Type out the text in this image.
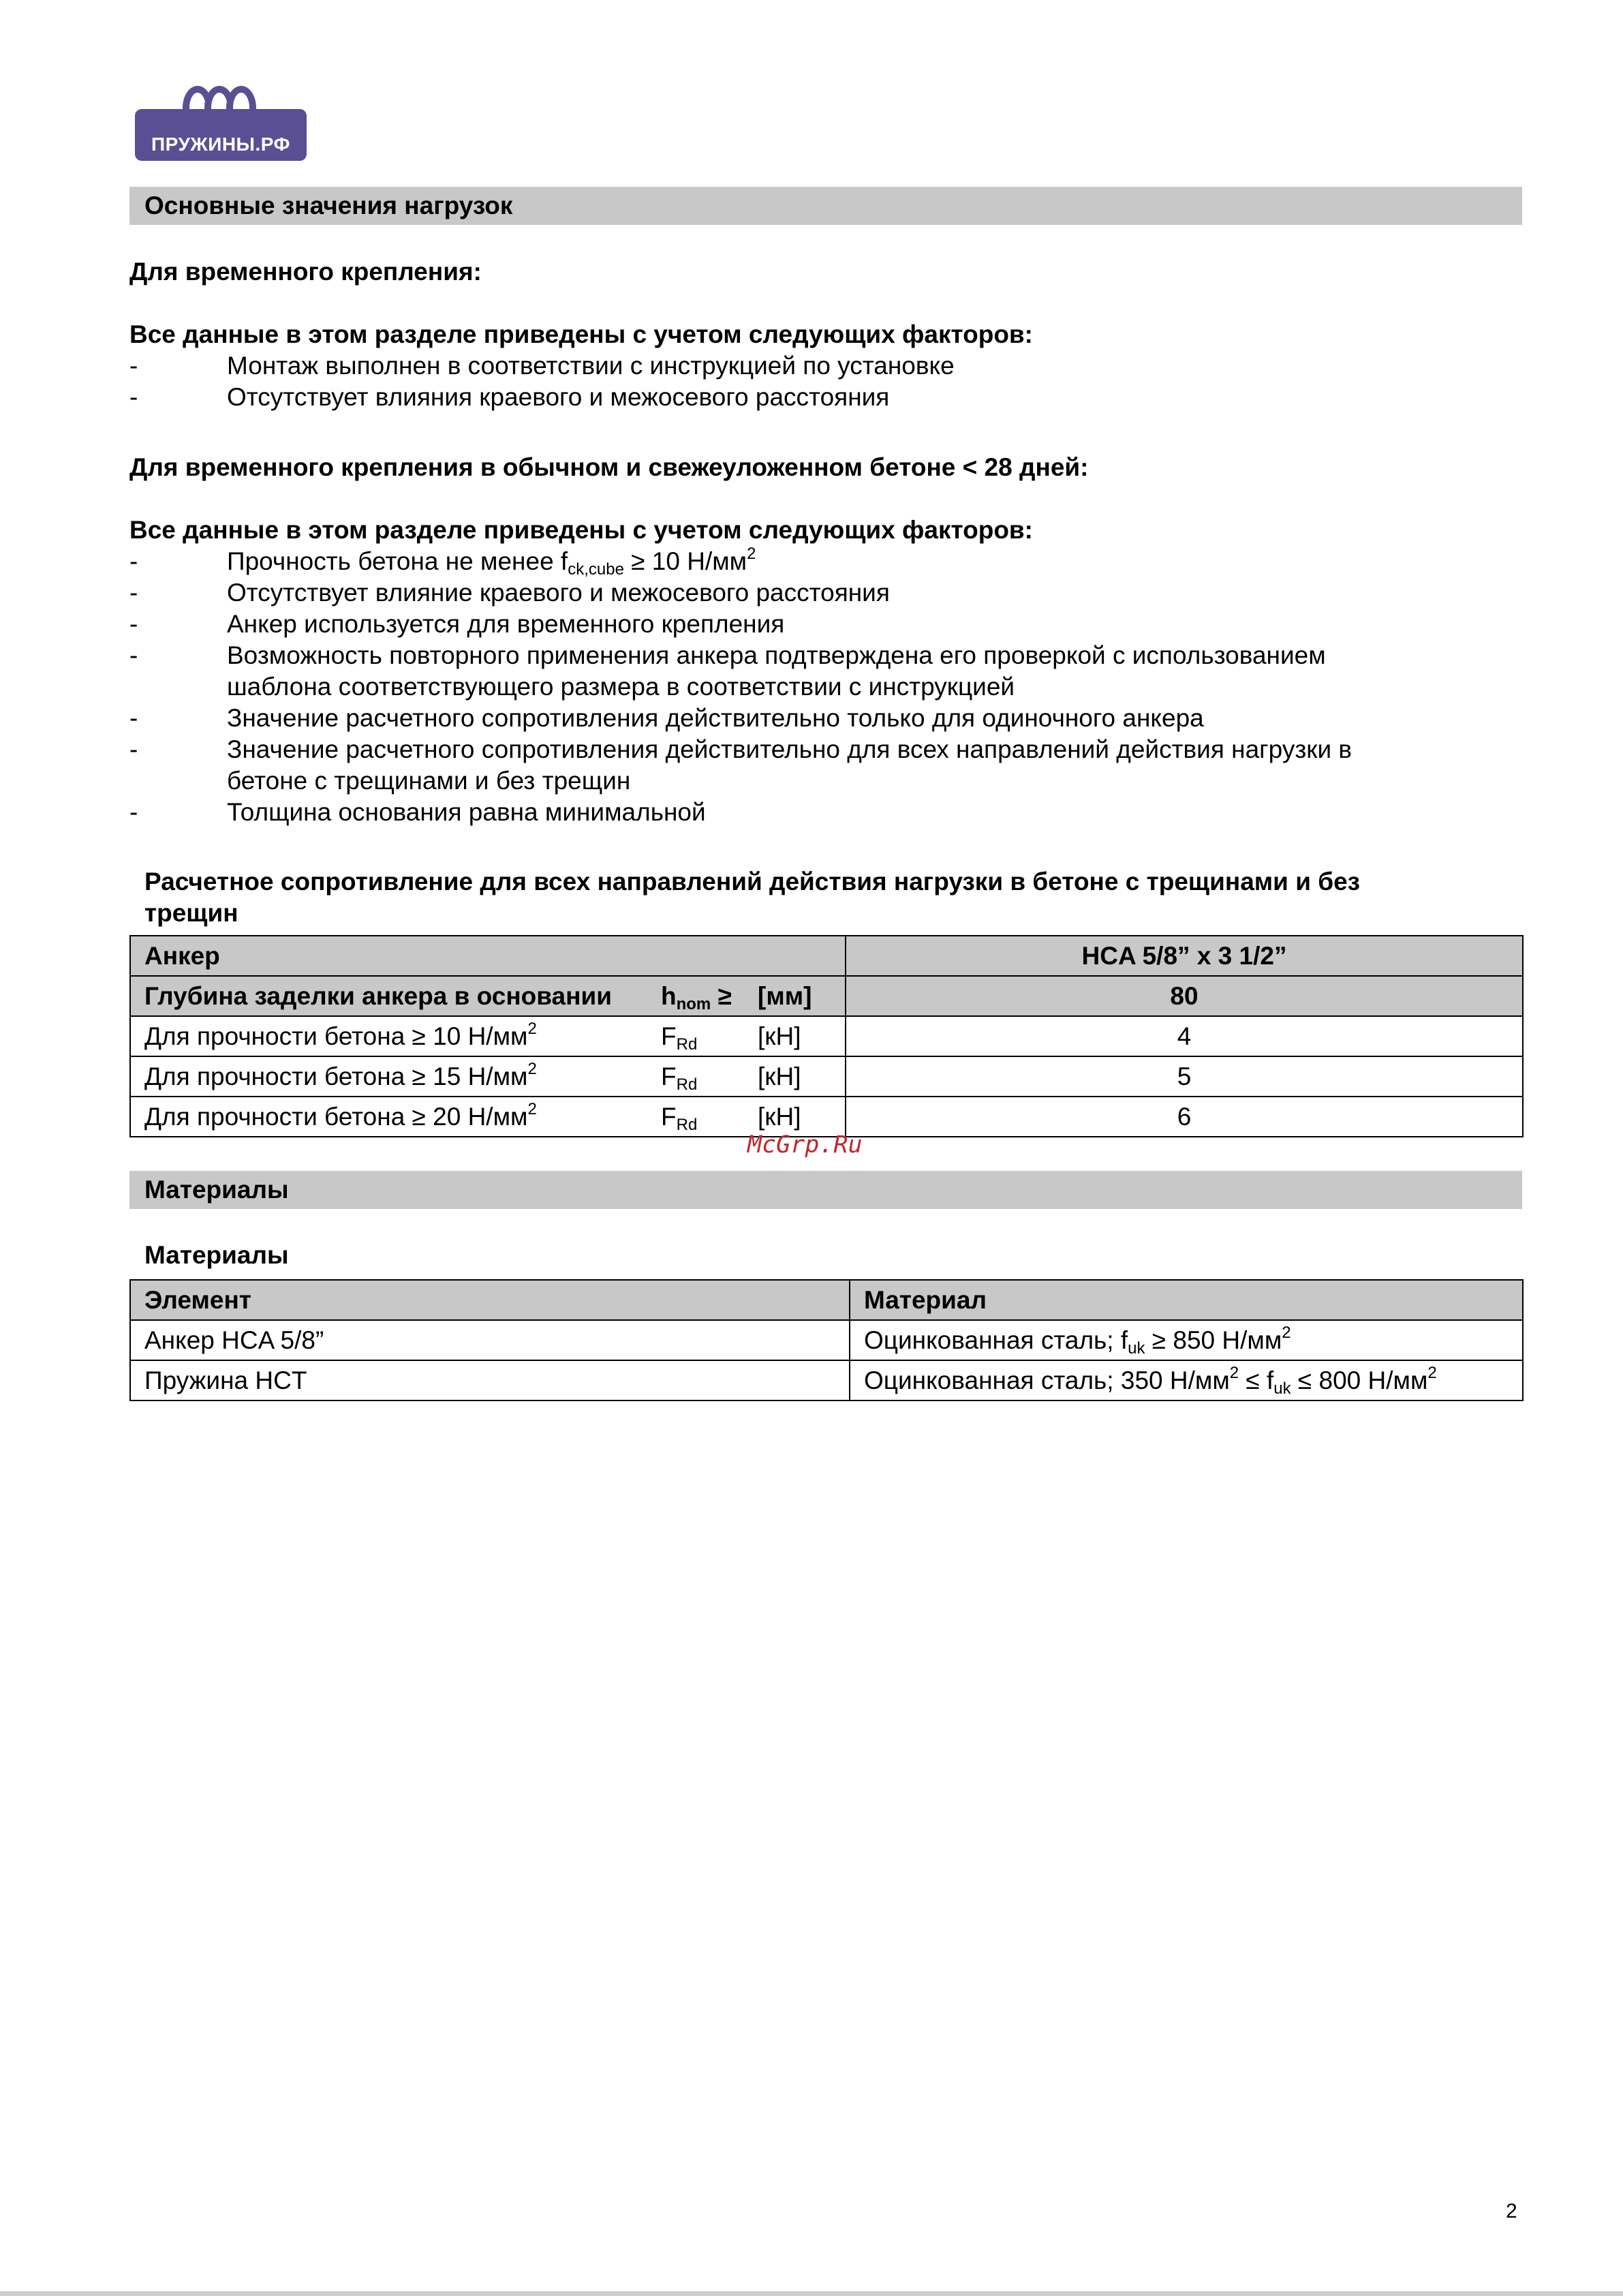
ПРУЖИНЫ.РФ
Основные значения нагрузок
Для временного крепления:
Все данные в этом разделе приведены с учетом следующих факторов:
-	Монтаж выполнен в соответствии с инструкцией по установке
-	Отсутствует влияния краевого и межосевого расстояния
Для временного крепления в обычном и свежеуложенном бетоне < 28 дней:
Все данные в этом разделе приведены с учетом следующих факторов:
-	Прочность бетона не менее $f_{ck,cube} \ge 10$ $Н/мм^2$
-	Отсутствует влияние краевого и межосевого расстояния
-	Анкер используется для временного крепления
-	Возможность повторного применения анкера подтверждена его проверкой с использованием
шаблона соответствующего размера в соответствии с инструкцией
-	Значение расчетного сопротивления действительно только для одиночного анкера
-	Значение расчетного сопротивления действительно для всех направлений действия нагрузки в
бетоне с трещинами и без трещин
-	Толщина основания равна минимальной
Расчетное сопротивление для всех направлений действия нагрузки в бетоне с трещинами и без
трещин
Анкер	HCA 5/8” x 3 1/2”

Глубина заделки анкера в основании $h_{nom} \ge [мм]$	80

Для прочности бетона ≥ 10 $Н/мм^2$ $F_{Rd}$ [кН]	4

Для прочности бетона ≥ 15 $Н/мм^2$ $F_{Rd}$ [кН]	5

Для прочности бетона ≥ 20 $Н/мм^2$ $F_{Rd}$ [кН]	6
McGrp.Ru
Материалы
Материалы
Элемент	Материал
Анкер HCA 5/8”	Оцинкованная сталь; $f_{uk} \ge 850$ $Н/мм^2$
Пружина HCT	Оцинкованная сталь; 350 $Н/мм^2 \le f_{uk} \le 800$ $Н/мм^2$
2
